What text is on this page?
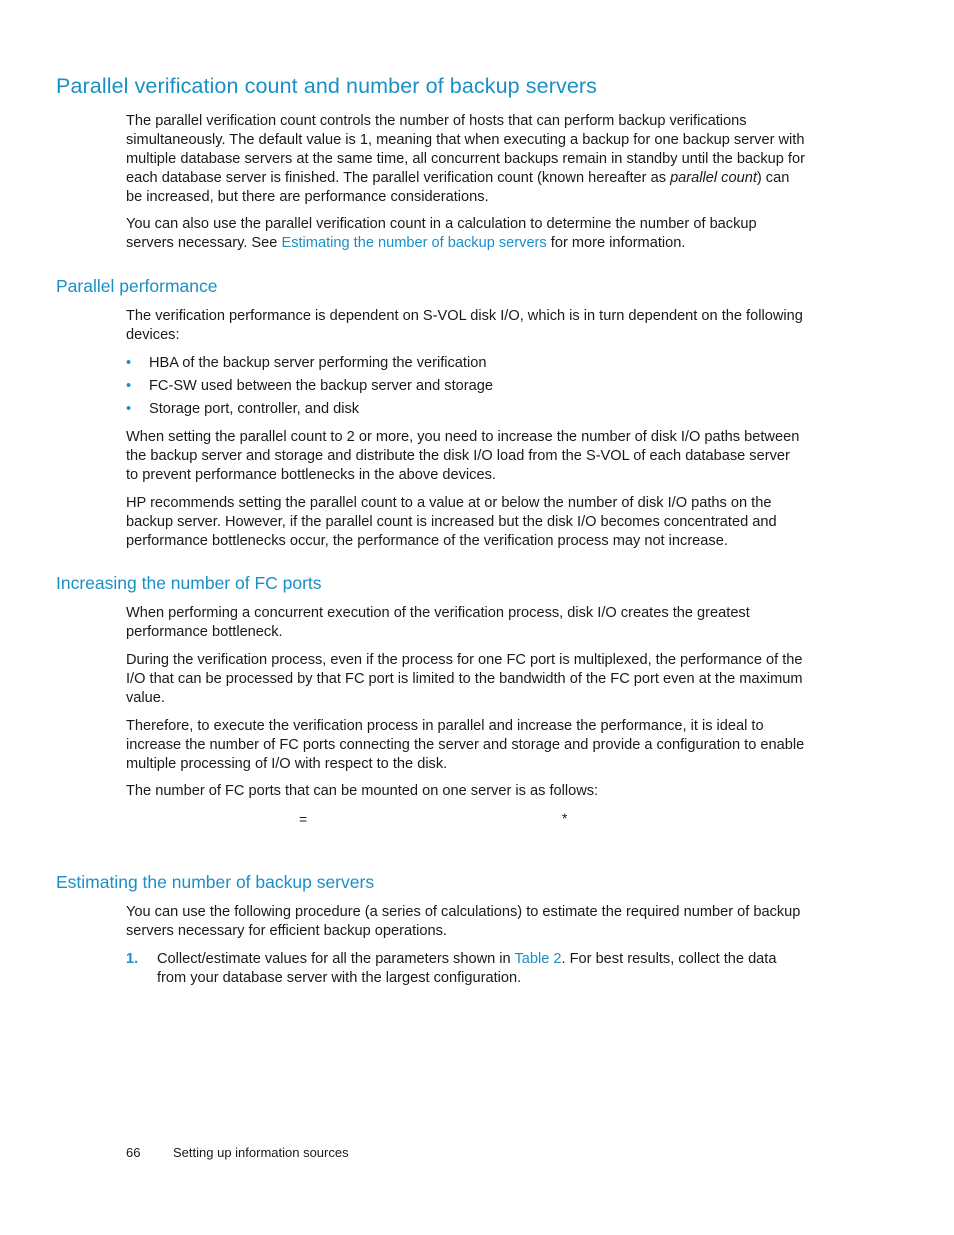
Parallel verification count and number of backup servers

The parallel verification count controls the number of hosts that can perform backup verifications simultaneously. The default value is 1, meaning that when executing a backup for one backup server with multiple database servers at the same time, all concurrent backups remain in standby until the backup for each database server is finished. The parallel verification count (known hereafter as parallel count) can be increased, but there are performance considerations.

You can also use the parallel verification count in a calculation to determine the number of backup servers necessary. See Estimating the number of backup servers for more information.

Parallel performance

The verification performance is dependent on S-VOL disk I/O, which is in turn dependent on the following devices:

• HBA of the backup server performing the verification
• FC-SW used between the backup server and storage
• Storage port, controller, and disk

When setting the parallel count to 2 or more, you need to increase the number of disk I/O paths between the backup server and storage and distribute the disk I/O load from the S-VOL of each database server to prevent performance bottlenecks in the above devices.

HP recommends setting the parallel count to a value at or below the number of disk I/O paths on the backup server. However, if the parallel count is increased but the disk I/O becomes concentrated and performance bottlenecks occur, the performance of the verification process may not increase.

Increasing the number of FC ports

When performing a concurrent execution of the verification process, disk I/O creates the greatest performance bottleneck.

During the verification process, even if the process for one FC port is multiplexed, the performance of the I/O that can be processed by that FC port is limited to the bandwidth of the FC port even at the maximum value.

Therefore, to execute the verification process in parallel and increase the performance, it is ideal to increase the number of FC ports connecting the server and storage and provide a configuration to enable multiple processing of I/O with respect to the disk.

The number of FC ports that can be mounted on one server is as follows:

=	*
Estimating the number of backup servers

You can use the following procedure (a series of calculations) to estimate the required number of backup servers necessary for efficient backup operations.

1. Collect/estimate values for all the parameters shown in Table 2. For best results, collect the data from your database server with the largest configuration.
66	Setting up information sources
